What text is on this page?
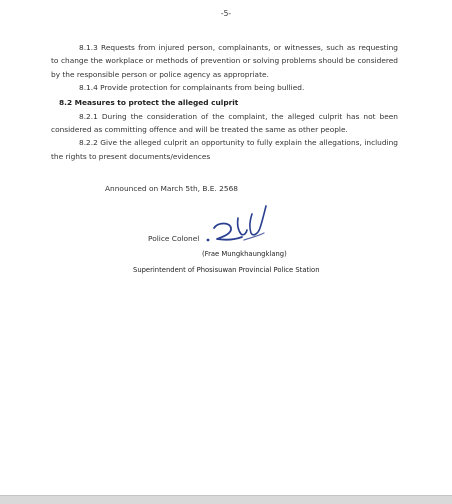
-5-

8.1.3 Requests from injured person, complainants, or witnesses, such as requesting to change the workplace or methods of prevention or solving problems should be considered by the responsible person or police agency as appropriate.

8.1.4 Provide protection for complainants from being bullied.

8.2 Measures to protect the alleged culprit

8.2.1 During the consideration of the complaint, the alleged culprit has not been considered as committing offence and will be treated the same as other people.

8.2.2 Give the alleged culprit an opportunity to fully explain the allegations, including the rights to present documents/evidences

Announced on March 5th, B.E. 2568
Police Colonel
(Frae Mungkhaungklang)
Superintendent of Phosisuwan Provincial Police Station
